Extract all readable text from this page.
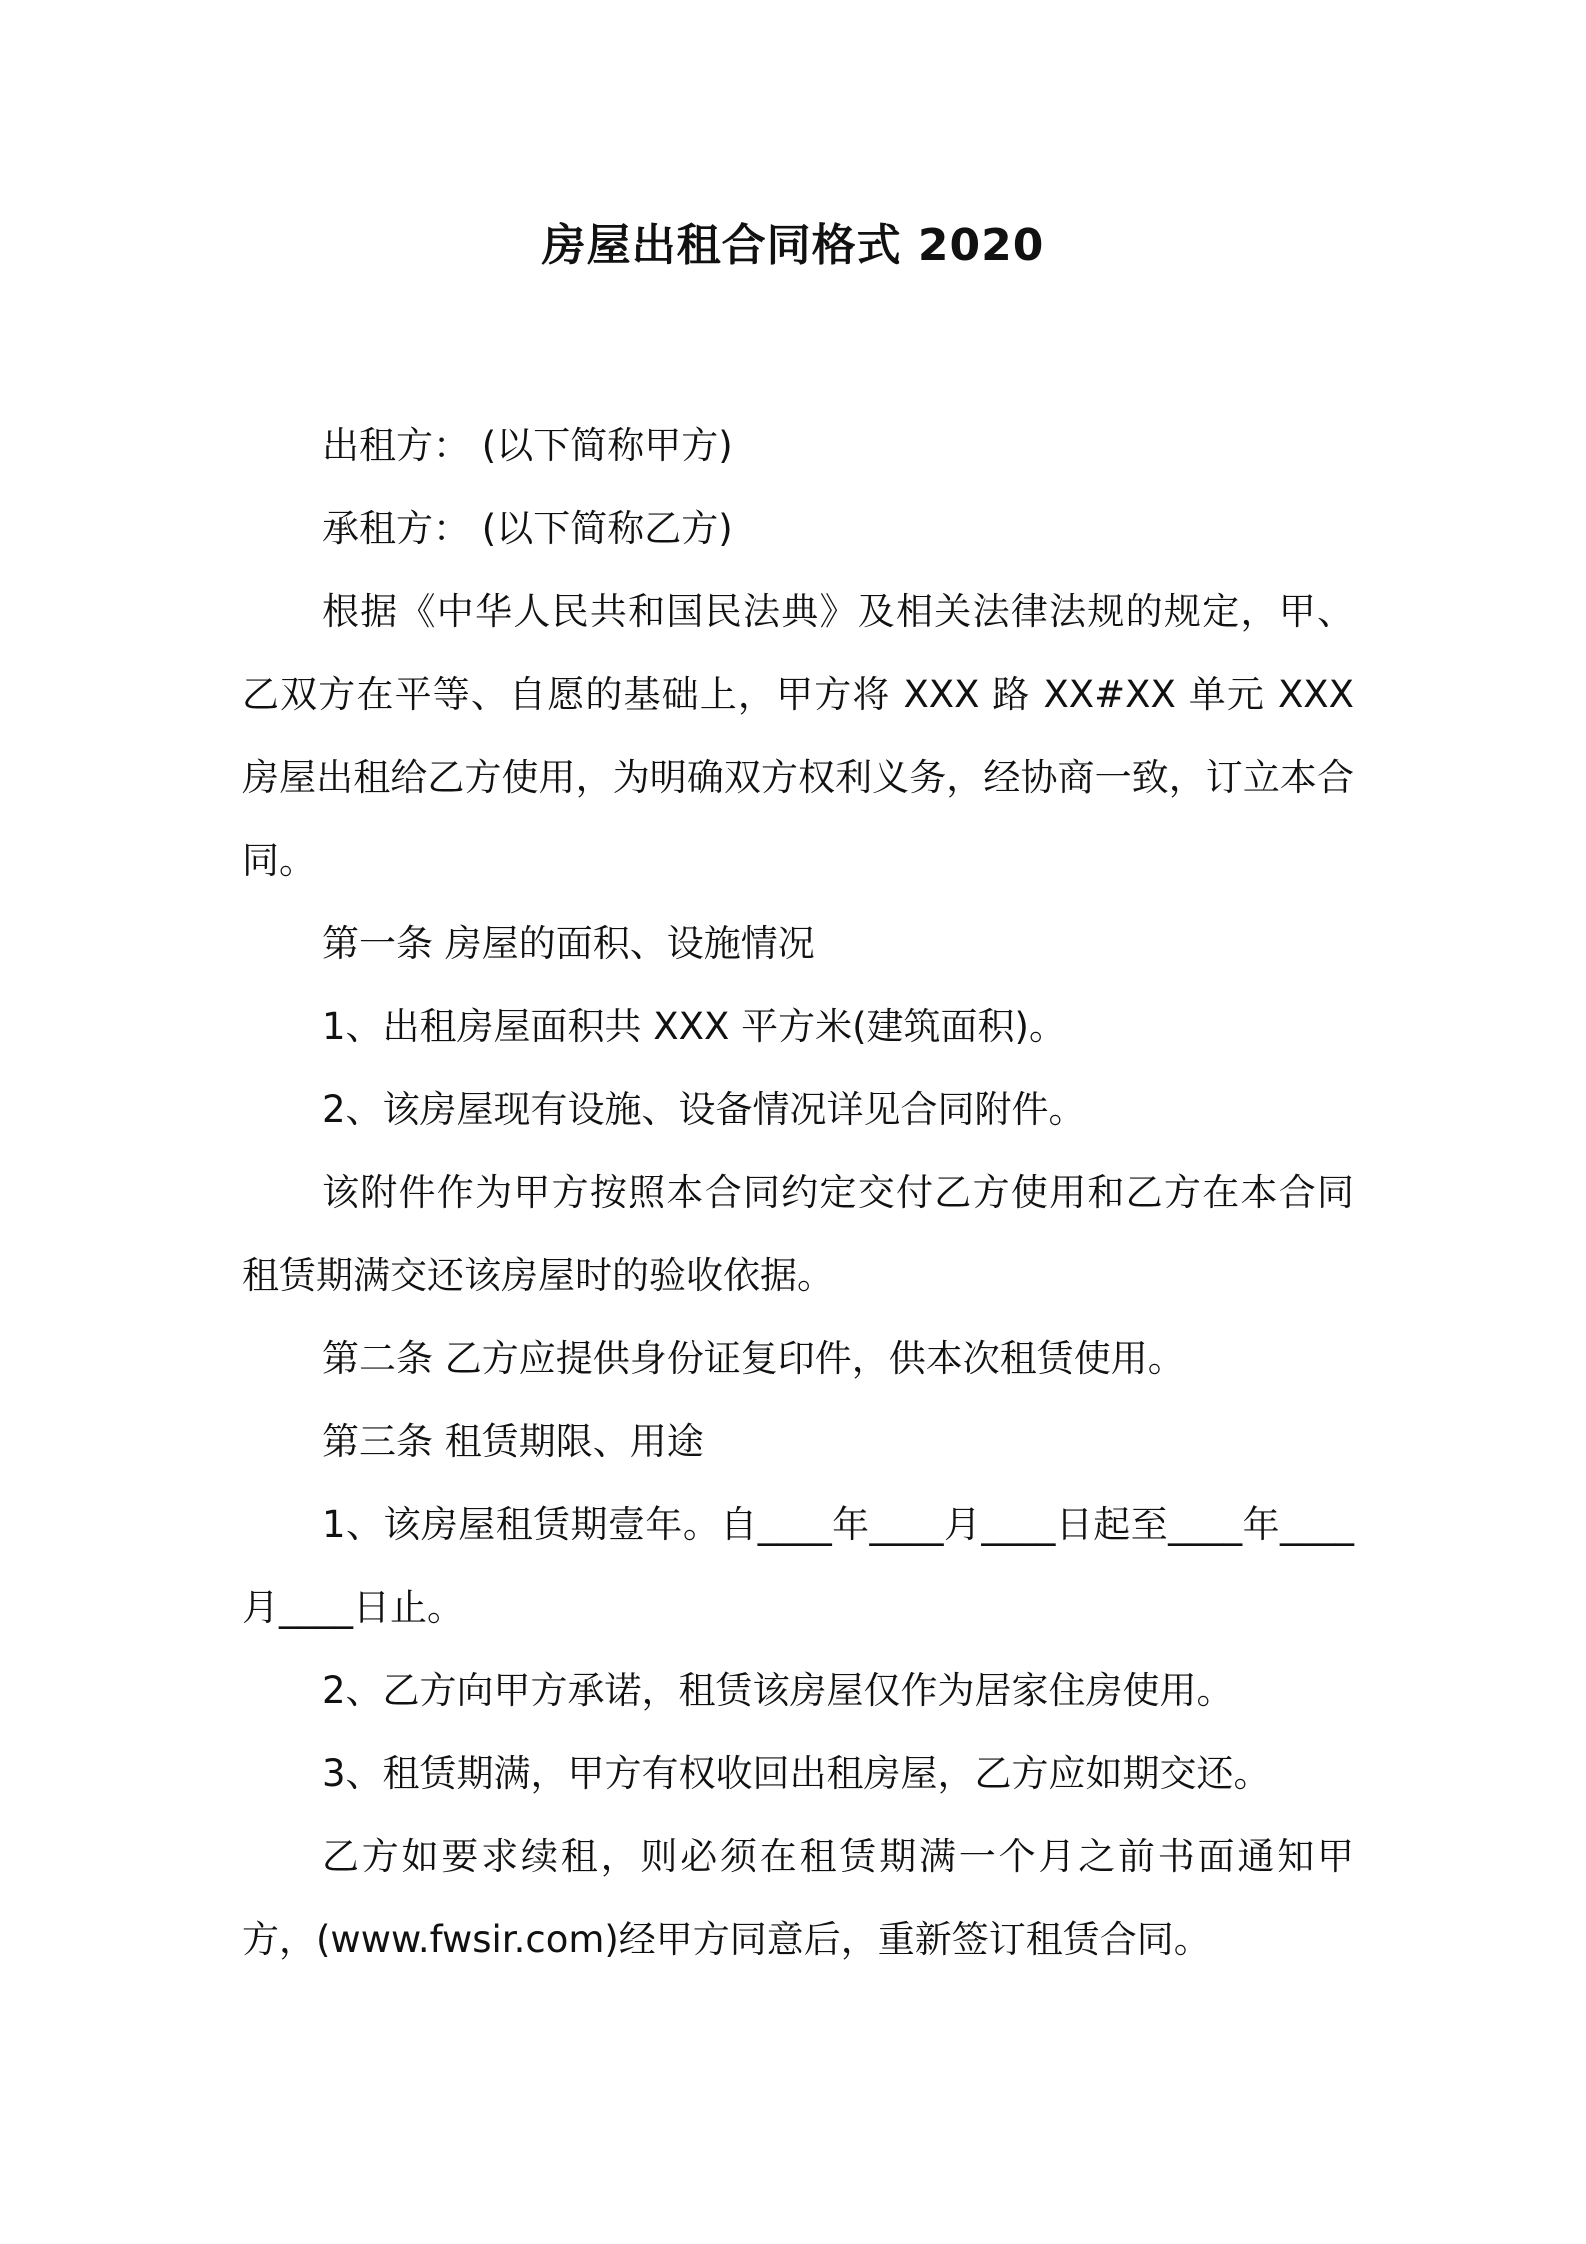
房屋出租合同格式 2020

出租方： (以下简称甲方)

承租方： (以下简称乙方)

根据《中华人民共和国民法典》及相关法律法规的规定，甲、乙双方在平等、自愿的基础上，甲方将 XXX 路 XX#XX 单元 XXX 房屋出租给乙方使用，为明确双方权利义务，经协商一致，订立本合同。

第一条 房屋的面积、设施情况

1、出租房屋面积共 XXX 平方米(建筑面积)。

2、该房屋现有设施、设备情况详见合同附件。

该附件作为甲方按照本合同约定交付乙方使用和乙方在本合同租赁期满交还该房屋时的验收依据。

第二条 乙方应提供身份证复印件，供本次租赁使用。

第三条 租赁期限、用途

1、该房屋租赁期壹年。自____年____月____日起至____年____月____日止。

2、乙方向甲方承诺，租赁该房屋仅作为居家住房使用。

3、租赁期满，甲方有权收回出租房屋，乙方应如期交还。

乙方如要求续租，则必须在租赁期满一个月之前书面通知甲方，(www.fwsir.com)经甲方同意后，重新签订租赁合同。
